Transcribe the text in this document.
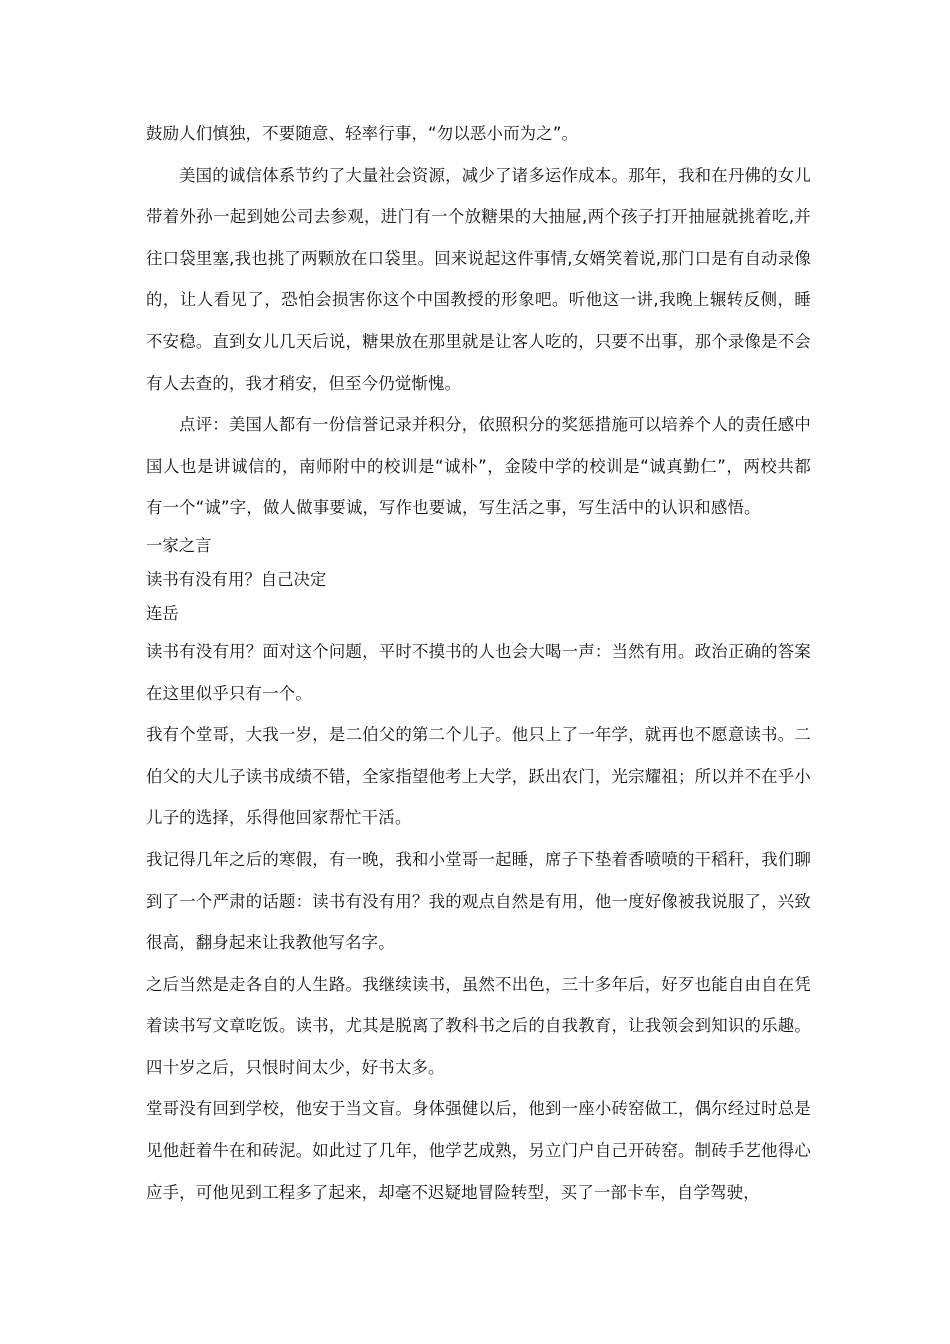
鼓励人们慎独，不要随意、轻率行事，“勿以恶小而为之”。

美国的诚信体系节约了大量社会资源，减少了诸多运作成本。那年，我和在丹佛的女儿带着外孙一起到她公司去参观，进门有一个放糖果的大抽屉,两个孩子打开抽屉就挑着吃,并往口袋里塞,我也挑了两颗放在口袋里。回来说起这件事情,女婿笑着说,那门口是有自动录像的，让人看见了，恐怕会损害你这个中国教授的形象吧。听他这一讲,我晚上辗转反侧，睡不安稳。直到女儿几天后说，糖果放在那里就是让客人吃的，只要不出事，那个录像是不会有人去查的，我才稍安，但至今仍觉惭愧。

点评：美国人都有一份信誉记录并积分，依照积分的奖惩措施可以培养个人的责任感中国人也是讲诚信的，南师附中的校训是“诚朴”，金陵中学的校训是“诚真勤仁”，两校共都有一个“诚”字，做人做事要诚，写作也要诚，写生活之事，写生活中的认识和感悟。

一家之言

读书有没有用？自己决定

连岳

读书有没有用？面对这个问题，平时不摸书的人也会大喝一声：当然有用。政治正确的答案在这里似乎只有一个。

我有个堂哥，大我一岁，是二伯父的第二个儿子。他只上了一年学，就再也不愿意读书。二伯父的大儿子读书成绩不错，全家指望他考上大学，跃出农门，光宗耀祖；所以并不在乎小儿子的选择，乐得他回家帮忙干活。

我记得几年之后的寒假，有一晚，我和小堂哥一起睡，席子下垫着香喷喷的干稻秆，我们聊到了一个严肃的话题：读书有没有用？我的观点自然是有用，他一度好像被我说服了，兴致很高，翻身起来让我教他写名字。

之后当然是走各自的人生路。我继续读书，虽然不出色，三十多年后，好歹也能自由自在凭着读书写文章吃饭。读书，尤其是脱离了教科书之后的自我教育，让我领会到知识的乐趣。四十岁之后，只恨时间太少，好书太多。

堂哥没有回到学校，他安于当文盲。身体强健以后，他到一座小砖窑做工，偶尔经过时总是见他赶着牛在和砖泥。如此过了几年，他学艺成熟，另立门户自己开砖窑。制砖手艺他得心应手，可他见到工程多了起来，却毫不迟疑地冒险转型，买了一部卡车，自学驾驶，
